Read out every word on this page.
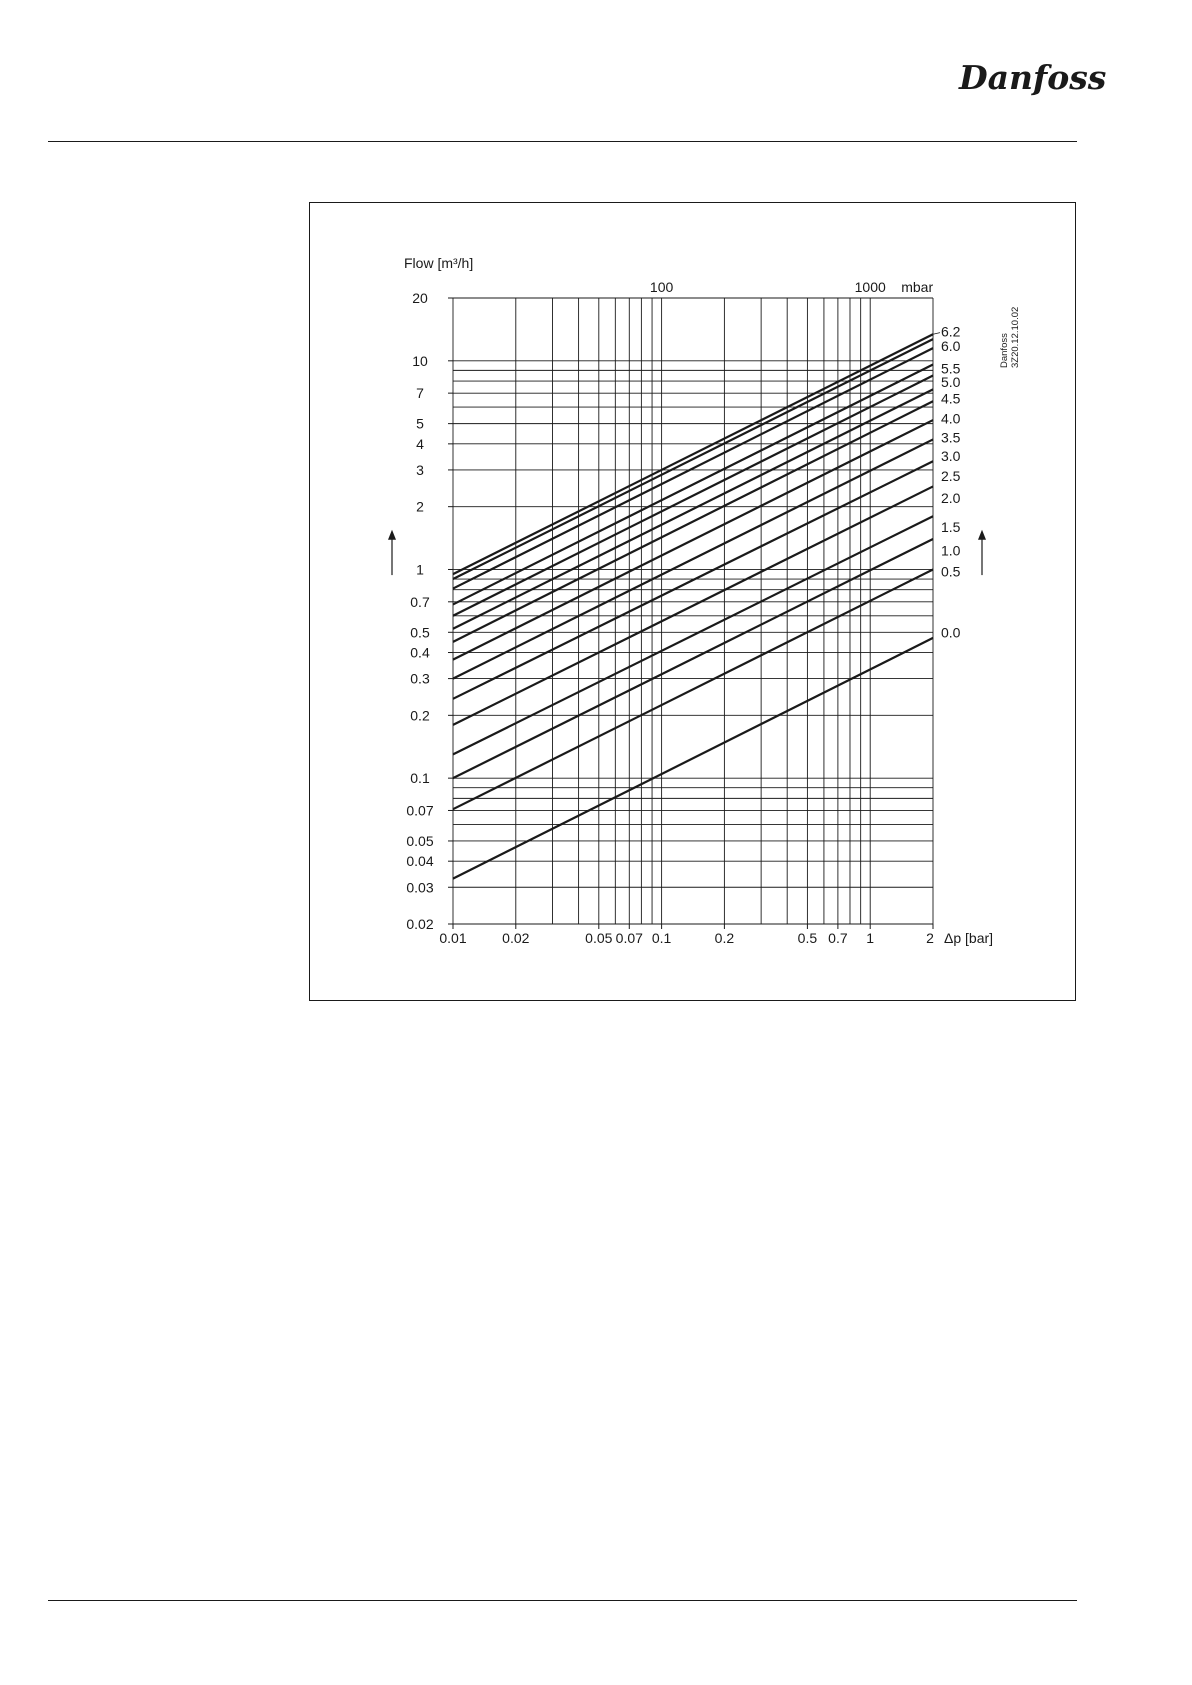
Danfoss
0.01	0.02	0.05 0.07 0.1	0.2	0.5 0.7 1	2 Δp [bar]
100	1000 mbar
20
10
7
5
4
3
2
1
0.7
0.5
0.4
0.3
0.2
0.1
0.07
0.05
0.04
0.03
0.02
Flow [m³/h]
6.2
6.0
5.5
5.0
4.5
4.0
3.5
3.0
2.5
2.0
1.5
1.0
0.5
0.0
Danfoss 3Z20.12.10.02
